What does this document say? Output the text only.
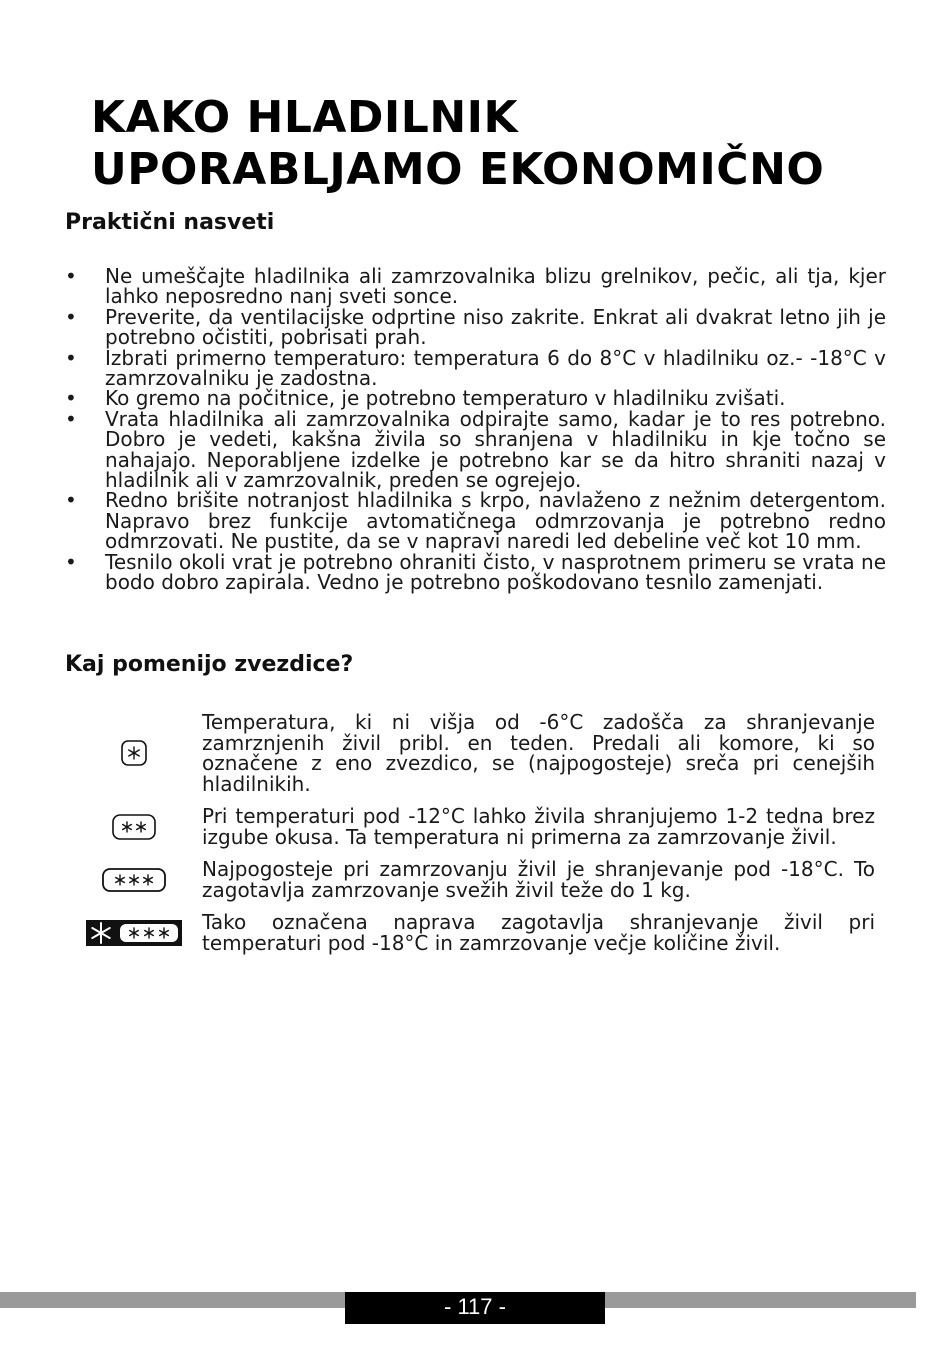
KAKO HLADILNIK
UPORABLJAMO EKONOMIČNO
Praktični nasveti
• Ne umeščajte hladilnika ali zamrzovalnika blizu grelnikov, pečic, ali tja, kjer lahko neposredno nanj sveti sonce.
• Preverite, da ventilacijske odprtine niso zakrite. Enkrat ali dvakrat letno jih je potrebno očistiti, pobrisati prah.
• Izbrati primerno temperaturo: temperatura 6 do 8°C v hladilniku oz.- -18°C v zamrzovalniku je zadostna.
• Ko gremo na počitnice, je potrebno temperaturo v hladilniku zvišati.
• Vrata hladilnika ali zamrzovalnika odpirajte samo, kadar je to res potrebno. Dobro je vedeti, kakšna živila so shranjena v hladilniku in kje točno se nahajajo. Neporabljene izdelke je potrebno kar se da hitro shraniti nazaj v hladilnik ali v zamrzovalnik, preden se ogrejejo.
• Redno brišite notranjost hladilnika s krpo, navlaženo z nežnim detergentom. Napravo brez funkcije avtomatičnega odmrzovanja je potrebno redno odmrzovati. Ne pustite, da se v napravi naredi led debeline več kot 10 mm.
• Tesnilo okoli vrat je potrebno ohraniti čisto, v nasprotnem primeru se vrata ne bodo dobro zapirala. Vedno je potrebno poškodovano tesnilo zamenjati.
Kaj pomenijo zvezdice?
Temperatura, ki ni višja od -6°C zadošča za shranjevanje zamrznjenih živil pribl. en teden. Predali ali komore, ki so označene z eno zvezdico, se (najpogosteje) sreča pri cenejših hladilnikih.
Pri temperaturi pod -12°C lahko živila shranjujemo 1-2 tedna brez izgube okusa. Ta temperatura ni primerna za zamrzovanje živil.
Najpogosteje pri zamrzovanju živil je shranjevanje pod -18°C. To zagotavlja zamrzovanje svežih živil teže do 1 kg.
Tako označena naprava zagotavlja shranjevanje živil pri temperaturi pod -18°C in zamrzovanje večje količine živil.
- 117 -
